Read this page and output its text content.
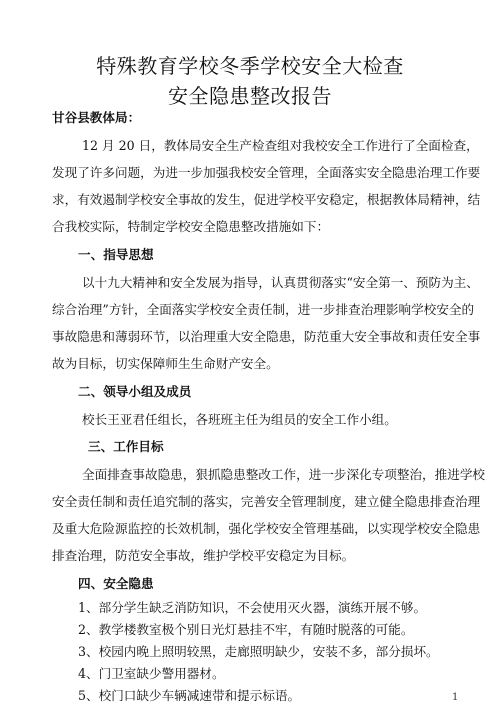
特殊教育学校冬季学校安全大检查
安全隐患整改报告
甘谷县教体局：
12 月 20 日，教体局安全生产检查组对我校安全工作进行了全面检查，
发现了许多问题，为进一步加强我校安全管理，全面落实安全隐患治理工作要
求，有效遏制学校安全事故的发生，促进学校平安稳定，根据教体局精神，结
合我校实际，特制定学校安全隐患整改措施如下：
一、指导思想
以十九大精神和安全发展为指导，认真贯彻落实“安全第一、预防为主、
综合治理”方针，全面落实学校安全责任制，进一步排查治理影响学校安全的
事故隐患和薄弱环节，以治理重大安全隐患，防范重大安全事故和责任安全事
故为目标，切实保障师生生命财产安全。
二、领导小组及成员
校长王亚君任组长，各班班主任为组员的安全工作小组。
三、工作目标
全面排查事故隐患，狠抓隐患整改工作，进一步深化专项整治，推进学校
安全责任制和责任追究制的落实，完善安全管理制度，建立健全隐患排查治理
及重大危险源监控的长效机制，强化学校安全管理基础，以实现学校安全隐患
排查治理，防范安全事故，维护学校平安稳定为目标。
四、安全隐患
1、部分学生缺乏消防知识，不会使用灭火器，演练开展不够。
2、教学楼教室极个别日光灯悬挂不牢，有随时脱落的可能。
3、校园内晚上照明较黑，走廊照明缺少，安装不多，部分损坏。
4、门卫室缺少警用器材。
1
5、校门口缺少车辆减速带和提示标语。
